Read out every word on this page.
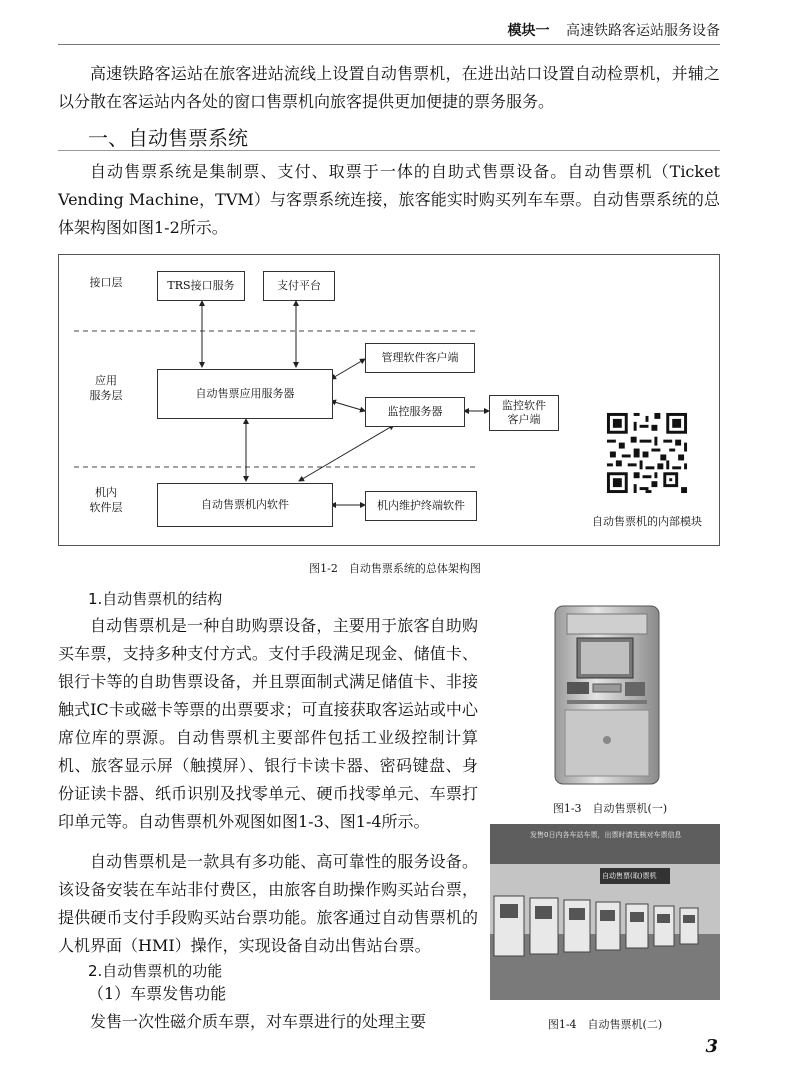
模块一 高速铁路客运站服务设备

高速铁路客运站在旅客进站流线上设置自动售票机，在进出站口设置自动检票机，并辅之以分散在客运站内各处的窗口售票机向旅客提供更加便捷的票务服务。

一、自动售票系统

自动售票系统是集制票、支付、取票于一体的自助式售票设备。自动售票机（Ticket Vending Machine，TVM）与客票系统连接，旅客能实时购买列车车票。自动售票系统的总体架构图如图1-2所示。

接口层
应用
服务层
机内
软件层
TRS接口服务	支付平台
管理软件客户端
自动售票应用服务器
监控服务器	监控软件
客户端
自动售票机内软件	机内维护终端软件
自动售票机的内部模块
图1-2　自动售票系统的总体架构图
1.自动售票机的结构

自动售票机是一种自助购票设备，主要用于旅客自助购买车票，支持多种支付方式。支付手段满足现金、储值卡、银行卡等的自助售票设备，并且票面制式满足储值卡、非接触式IC卡或磁卡等票的出票要求；可直接获取客运站或中心席位库的票源。自动售票机主要部件包括工业级控制计算机、旅客显示屏（触摸屏）、银行卡读卡器、密码键盘、身份证读卡器、纸币识别及找零单元、硬币找零单元、车票打印单元等。自动售票机外观图如图1-3、图1-4所示。

自动售票机是一款具有多功能、高可靠性的服务设备。该设备安装在车站非付费区，由旅客自助操作购买站台票，提供硬币支付手段购买站台票功能。旅客通过自动售票机的人机界面（HMI）操作，实现设备自动出售站台票。

2.自动售票机的功能
（1）车票发售功能

发售一次性磁介质车票，对车票进行的处理主要

图1-3　自动售票机(一)
发售0日内各车站车票，出票时请先核对车票信息
自动售票(取)票机
图1-4　自动售票机(二)
3
